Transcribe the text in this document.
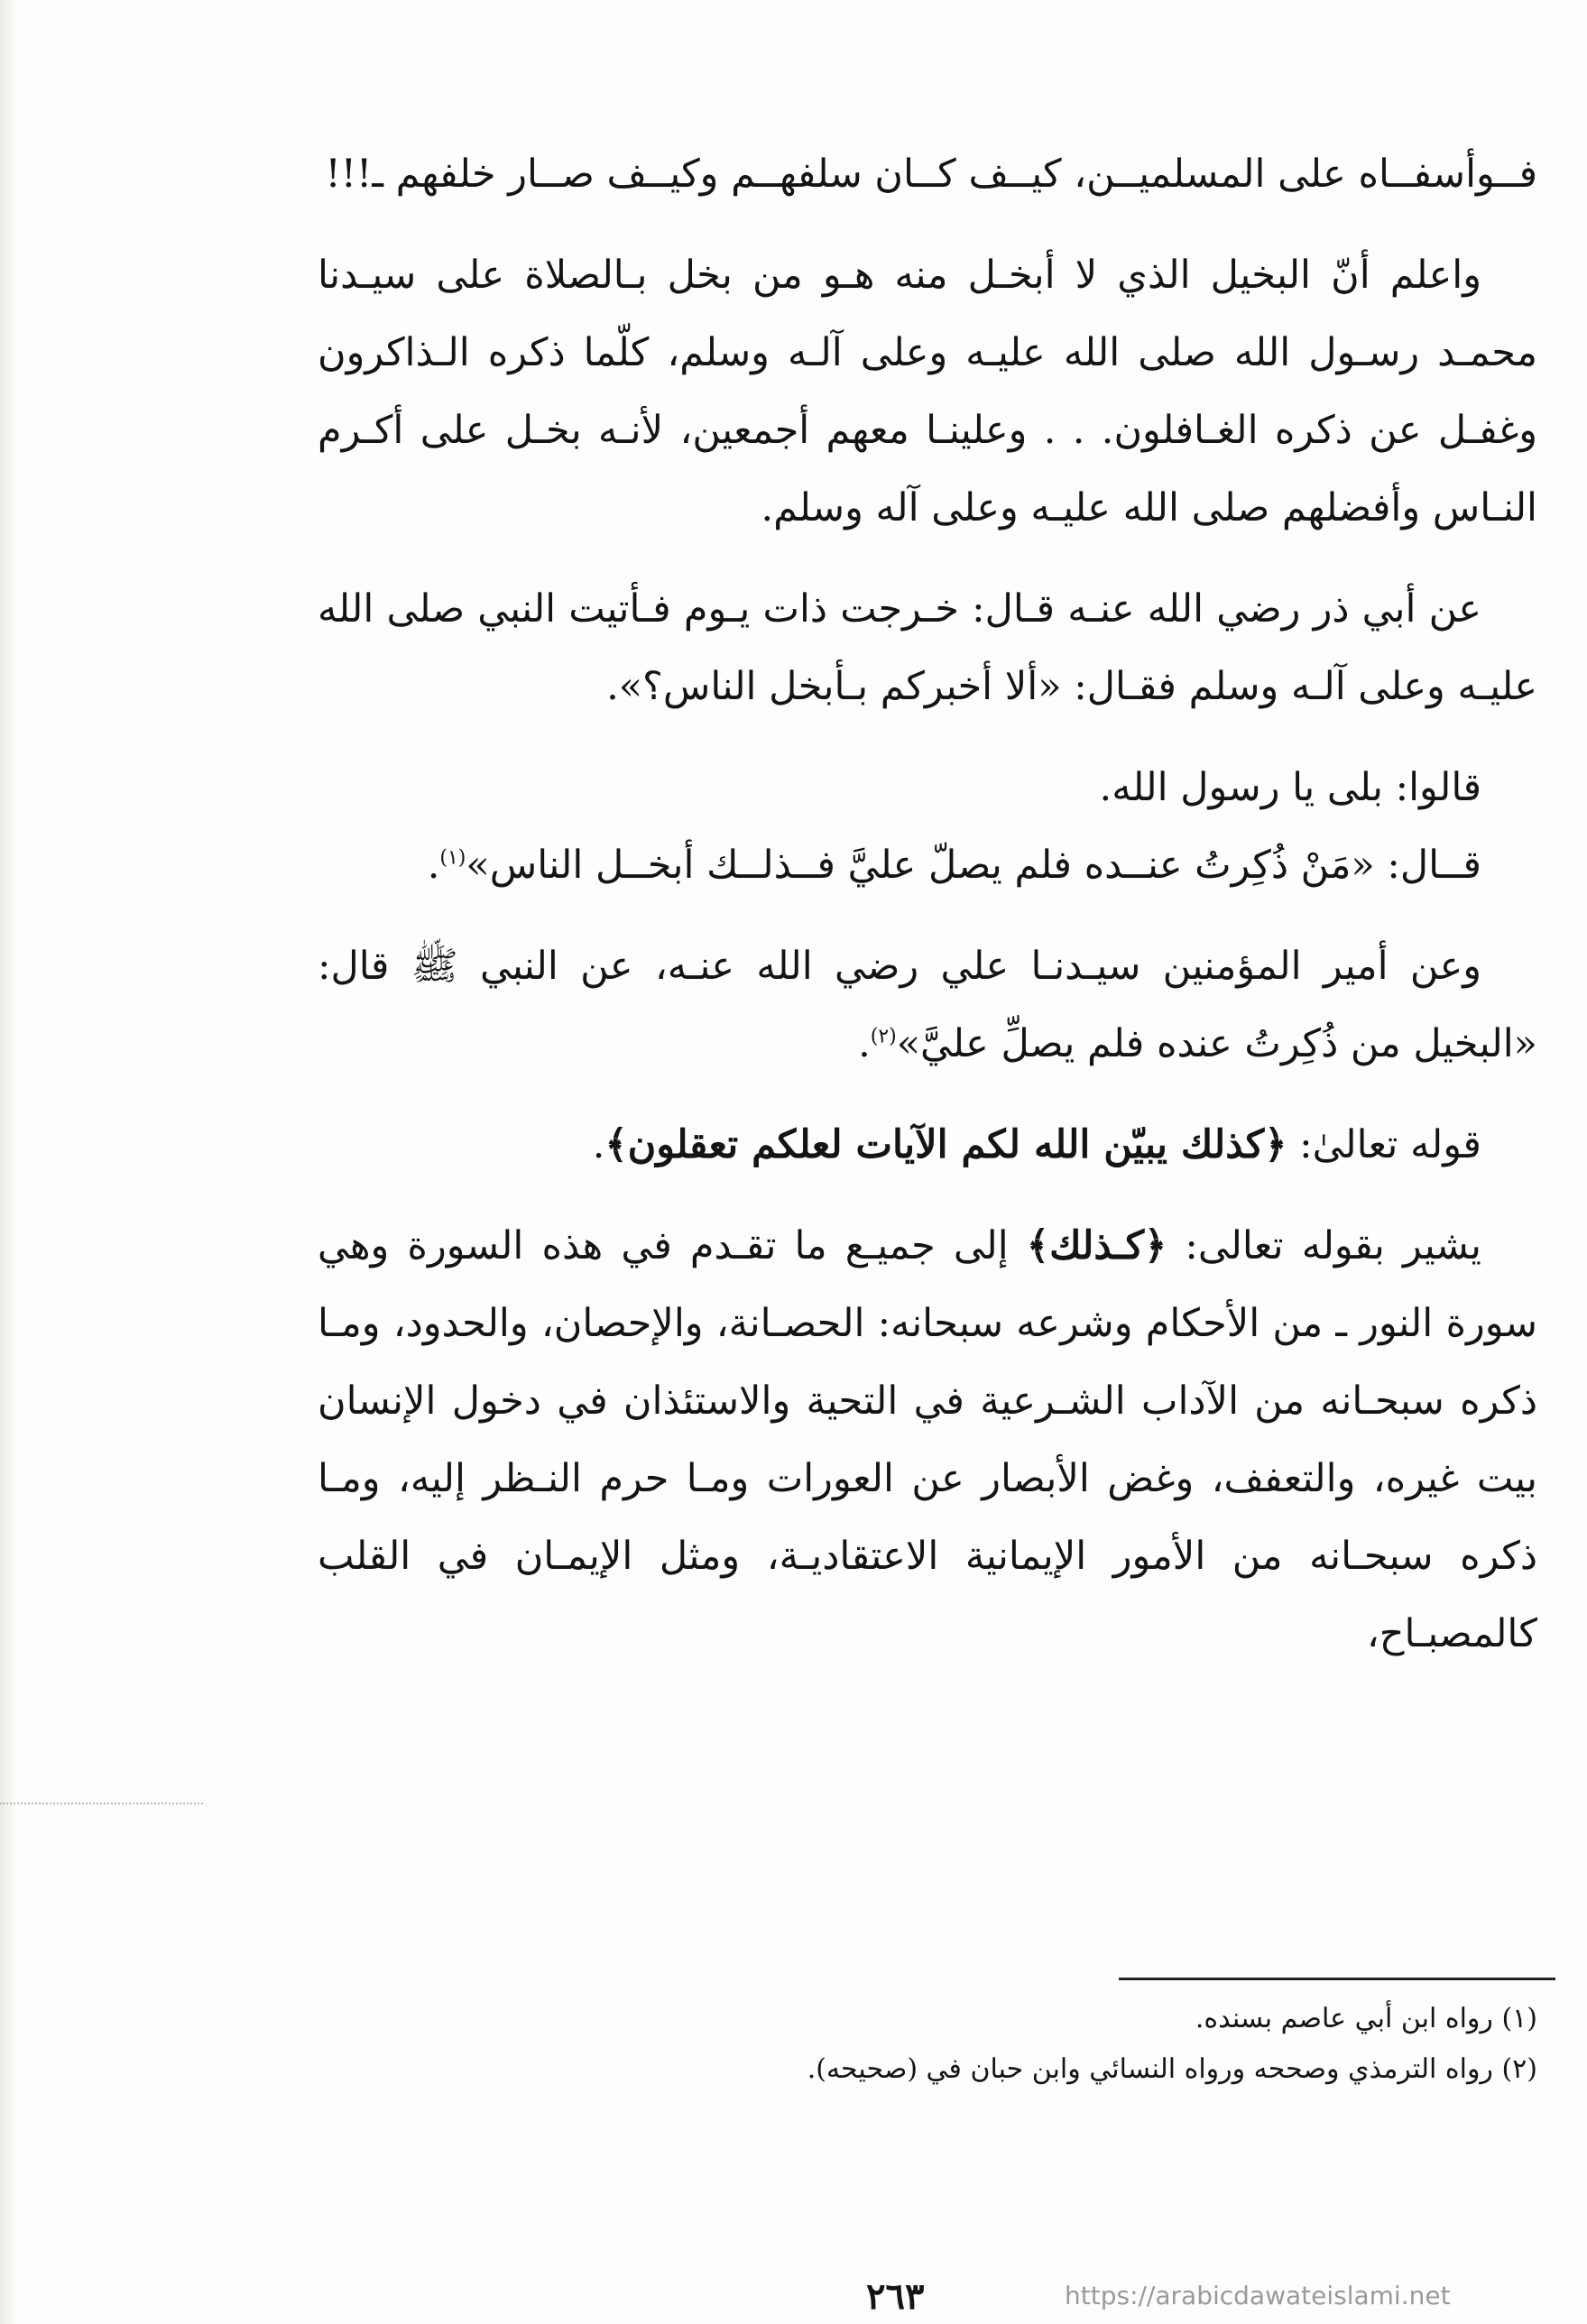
فــوأسفــاه على المسلميــن، كيــف كــان سلفهــم وكيــف صــار خلفهم ـ!!!

واعلم أنّ البخيل الذي لا أبخـل منه هـو من بخل بـالصلاة على سيـدنا محمـد رسـول الله صلى الله عليـه وعلى آلـه وسلم، كلّما ذكره الـذاكرون وغفـل عن ذكره الغـافلون. . . وعلينـا معهم أجمعين، لأنـه بخـل على أكـرم النـاس وأفضلهم صلى الله عليـه وعلى آله وسلم.

عن أبي ذر رضي الله عنـه قـال: خـرجت ذات يـوم فـأتيت النبي صلى الله عليـه وعلى آلـه وسلم فقـال: «ألا أخبركم بـأبخل الناس؟».

قالوا: بلى يا رسول الله.

قــال: «مَنْ ذُكِرتُ عنــده فلم يصلّ عليَّ فــذلــك أبخــل الناس»$^{(١)}$.

وعن أمير المؤمنين سيـدنـا علي رضي الله عنـه، عن النبي ﷺ قال: «البخيل من ذُكِرتُ عنده فلم يصلِّ عليَّ»$^{(٢)}$.

قوله تعالىٰ: ﴿كذلك يبيّن الله لكم الآيات لعلكم تعقلون﴾.

يشير بقوله تعالى: ﴿كـذلك﴾ إلى جميـع ما تقـدم في هذه السورة وهي سورة النور ـ من الأحكام وشرعه سبحانه: الحصـانة، والإحصان، والحدود، ومـا ذكره سبحـانه من الآداب الشـرعية في التحية والاستئذان في دخول الإنسان بيت غيره، والتعفف، وغض الأبصار عن العورات ومـا حرم النـظر إليه، ومـا ذكره سبحـانه من الأمور الإيمانية الاعتقاديـة، ومثل الإيمـان في القلب كالمصبـاح،

(١) رواه ابن أبي عاصم بسنده.
(٢) رواه الترمذي وصححه ورواه النسائي وابن حبان في (صحيحه).
٢٦٣	https://arabicdawateislami.net
